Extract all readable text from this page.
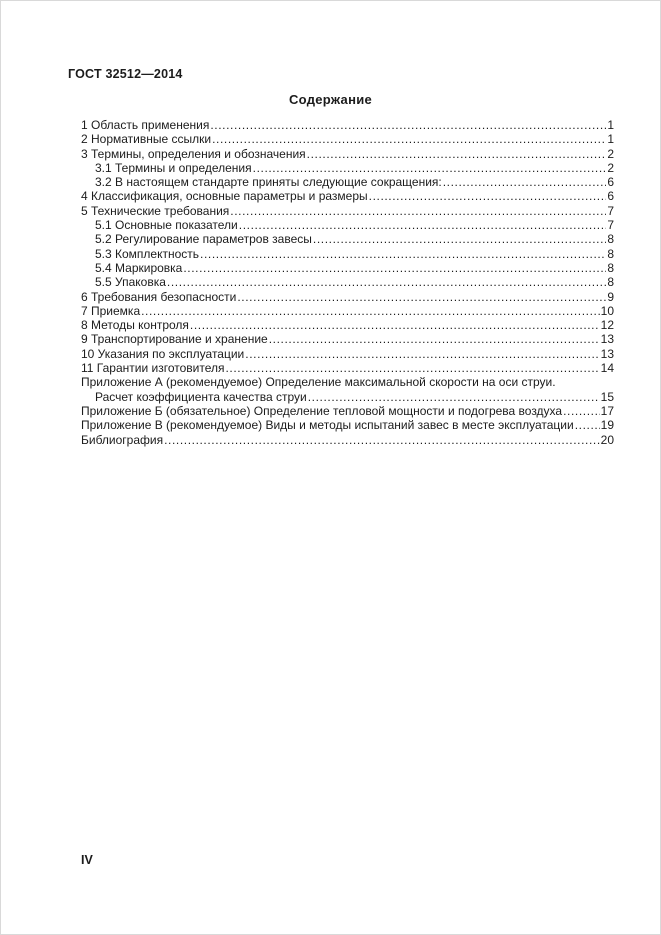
ГОСТ 32512—2014
Содержание
1 Область применения .....	1
2 Нормативные ссылки .....	1
3 Термины, определения и обозначения .....	2
3.1 Термины и определения .....	2
3.2 В настоящем стандарте приняты следующие сокращения: .....	6
4 Классификация, основные параметры и размеры .....	6
5 Технические требования .....	7
5.1 Основные показатели .....	7
5.2 Регулирование параметров завесы .....	8
5.3 Комплектность .....	8
5.4 Маркировка .....	8
5.5 Упаковка .....	8
6 Требования безопасности .....	9
7 Приемка .....	10
8 Методы контроля .....	12
9 Транспортирование и хранение .....	13
10 Указания по эксплуатации .....	13
11 Гарантии изготовителя .....	14
Приложение А (рекомендуемое) Определение максимальной скорости на оси струи.
Расчет коэффициента качества струи .....	15
Приложение Б (обязательное) Определение тепловой мощности и подогрева воздуха .....	17
Приложение В (рекомендуемое) Виды и методы испытаний завес в месте эксплуатации ..... 19
Библиография .....	20
IV
